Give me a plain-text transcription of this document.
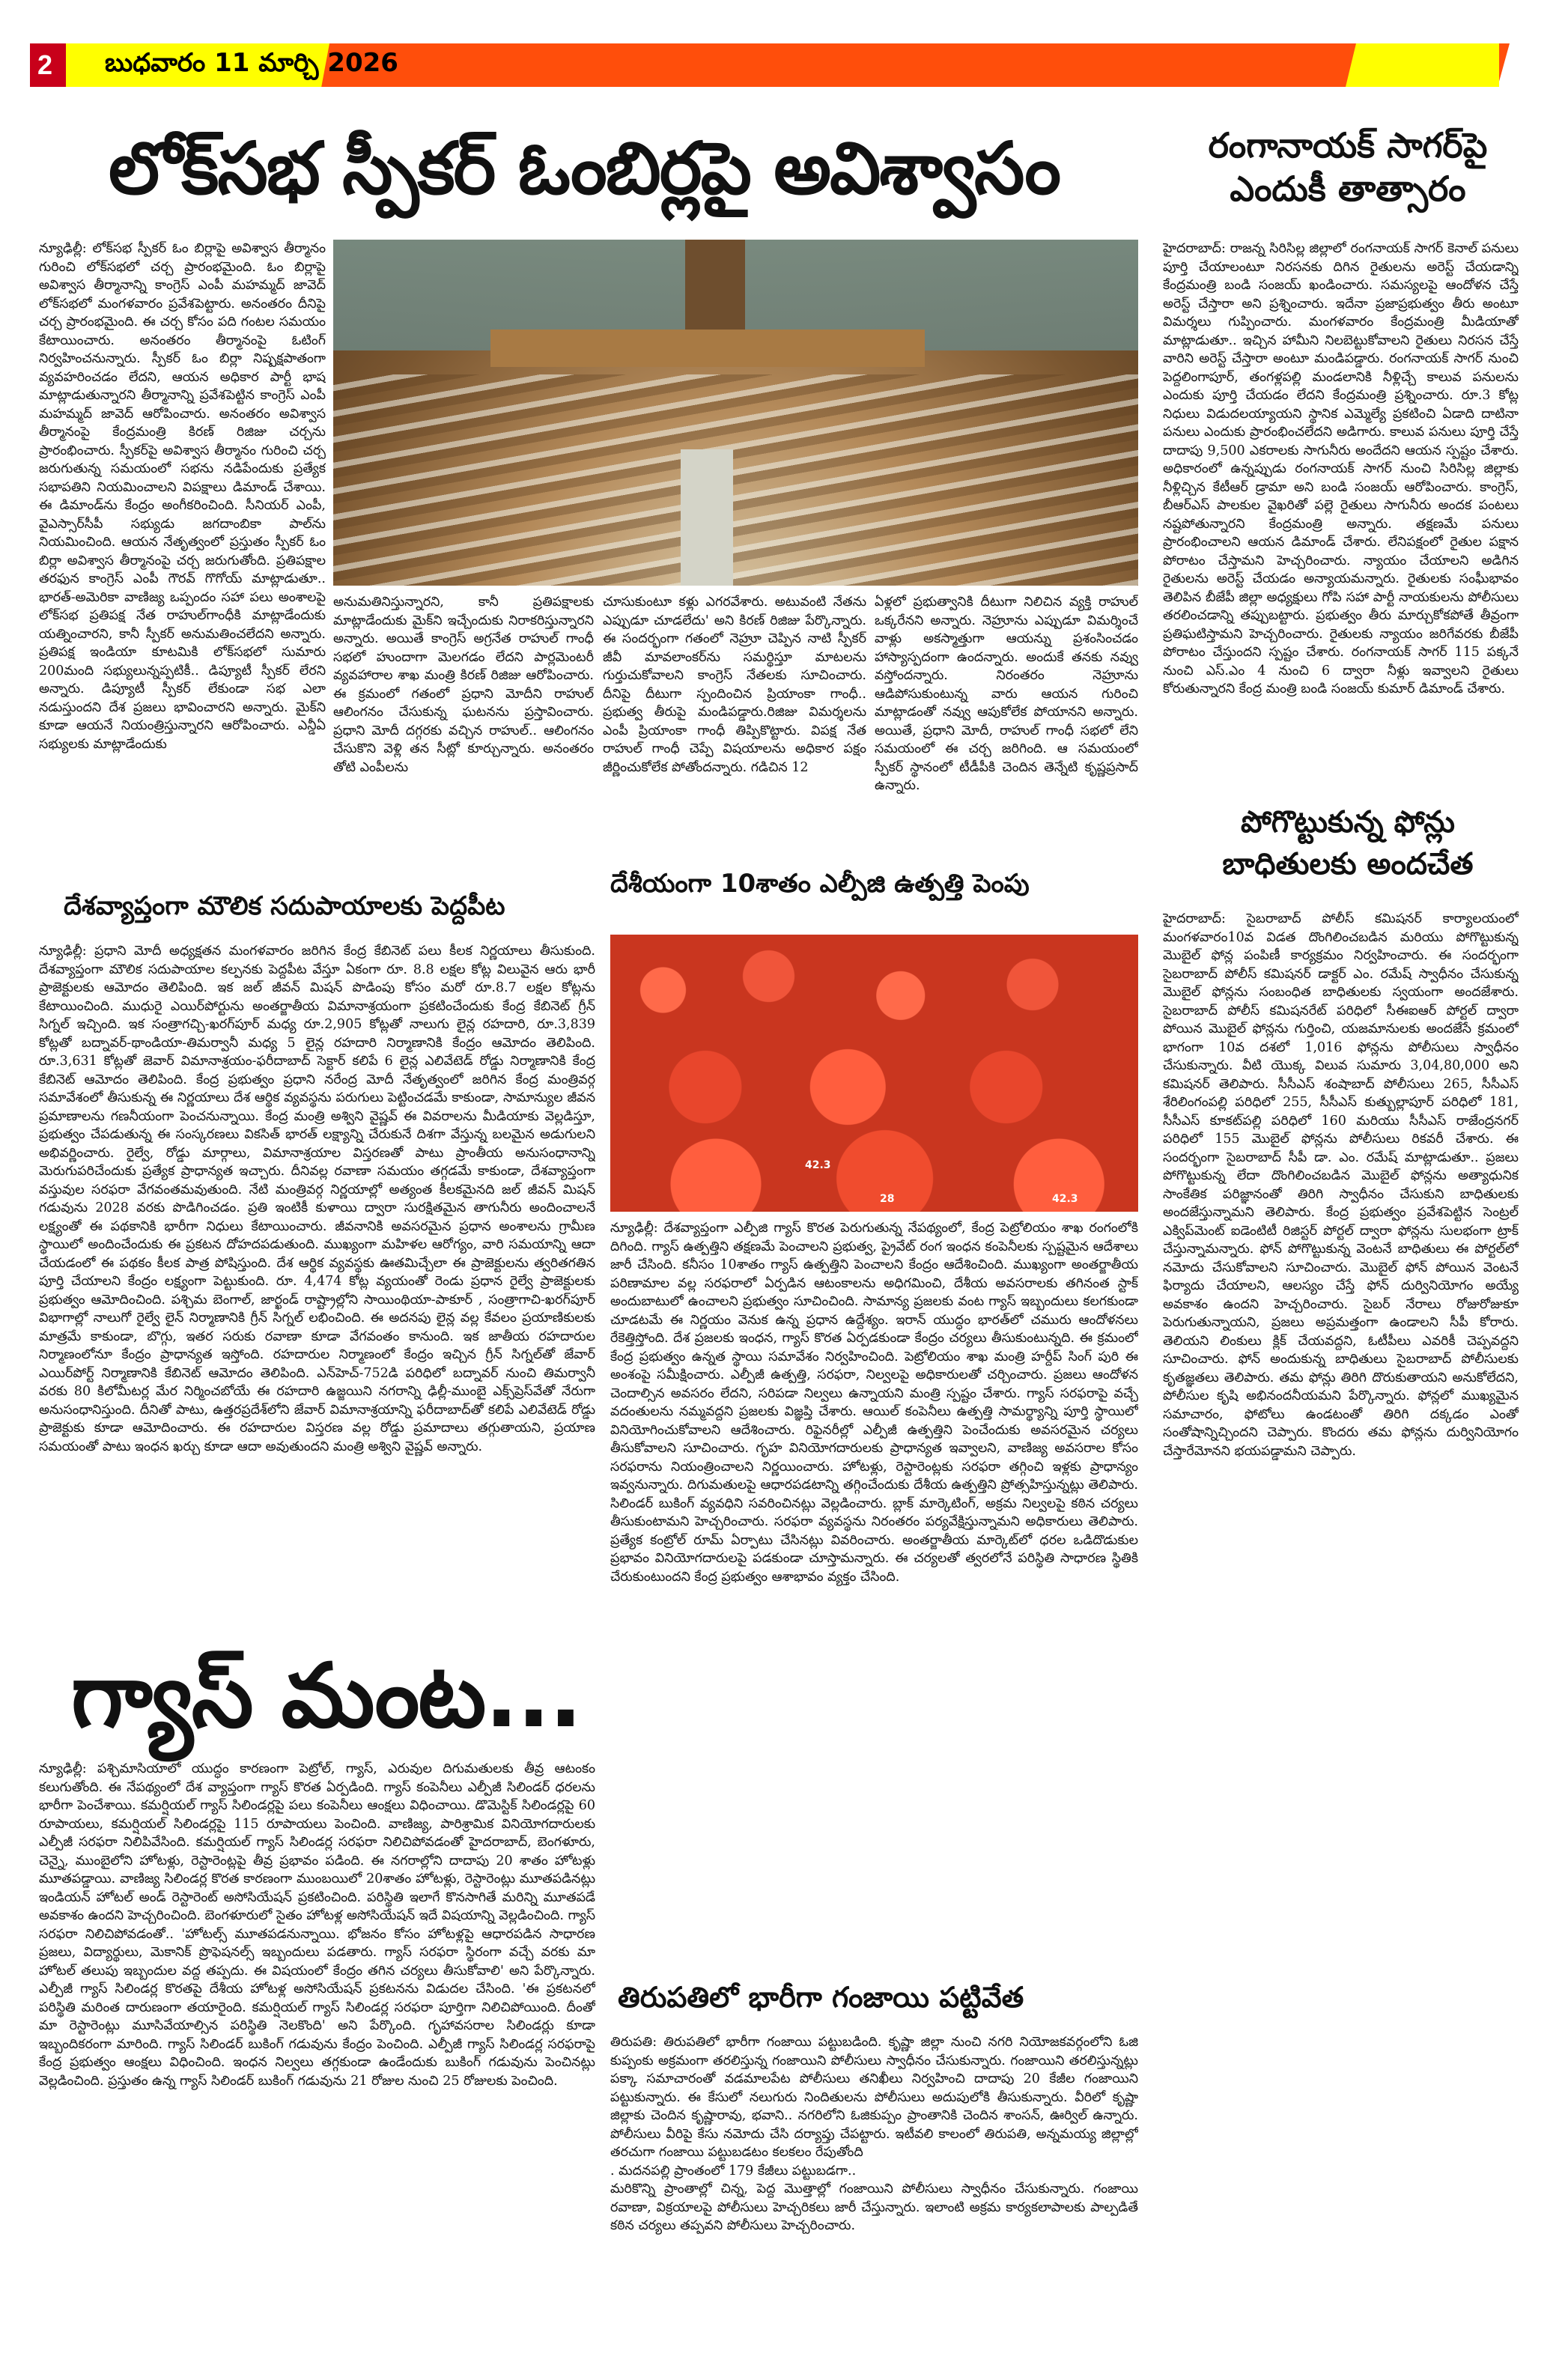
2 బుధవారం 11 మార్చి 2026
లోక్‌సభ స్పీకర్ ఓంబిర్లపై అవిశ్వాసం
న్యూఢిల్లీ: లోక్‌సభ స్పీకర్ ఓం బిర్లాపై అవిశ్వాస తీర్మానం గురించి లోక్‌సభలో చర్చ ప్రారంభమైంది. ఓం బిర్లాపై అవిశ్వాస తీర్మానాన్ని కాంగ్రెస్ ఎంపీ మహమ్మద్ జావెద్ లోక్‌సభలో మంగళవారం ప్రవేశపెట్టారు. అనంతరం దీనిపై చర్చ ప్రారంభమైంది. ఈ చర్చ కోసం పది గంటల సమయం కేటాయించారు. అనంతరం తీర్మానంపై ఓటింగ్ నిర్వహించనున్నారు. స్పీకర్ ఓం బిర్లా నిష్పక్షపాతంగా వ్యవహరించడం లేదని, ఆయన అధికార పార్టీ భాష మాట్లాడుతున్నారని తీర్మానాన్ని ప్రవేశపెట్టిన కాంగ్రెస్ ఎంపీ మహమ్మద్ జావెద్ ఆరోపించారు. అనంతరం అవిశ్వాస తీర్మానంపై కేంద్రమంత్రి కిరణ్ రిజిజు చర్చను ప్రారంభించారు. స్పీకర్‌పై అవిశ్వాస తీర్మానం గురించి చర్చ జరుగుతున్న సమయంలో సభను నడిపేందుకు ప్రత్యేక సభాపతిని నియమించాలని విపక్షాలు డిమాండ్ చేశాయి. ఈ డిమాండ్‌ను కేంద్రం అంగీకరించింది. సీనియర్ ఎంపీ, వైఎస్సార్‌సీపీ సభ్యుడు జగదాంబికా పాల్‌ను నియమించింది. ఆయన నేతృత్వంలో ప్రస్తుతం స్పీకర్ ఓం బిర్లా అవిశ్వాస తీర్మానంపై చర్చ జరుగుతోంది. ప్రతిపక్షాల తరఫున కాంగ్రెస్ ఎంపీ గౌరవ్ గొగోయ్ మాట్లాడుతూ.. భారత్-అమెరికా వాణిజ్య ఒప్పందం సహా పలు అంశాలపై లోక్‌సభ ప్రతిపక్ష నేత రాహుల్‌గాంధీకి మాట్లాడేందుకు యత్నించారని, కానీ స్పీకర్ అనుమతించలేదని అన్నారు. ప్రతిపక్ష ఇండియా కూటమికి లోక్‌సభలో సుమారు 200మంది సభ్యులున్నప్పటికీ.. డిప్యూటీ స్పీకర్ లేరని అన్నారు. డిప్యూటీ స్పీకర్ లేకుండా సభ ఎలా నడుస్తుందని దేశ ప్రజలు భావించారని అన్నారు. మైక్‌ని కూడా ఆయనే నియంత్రిస్తున్నారని ఆరోపించారు. ఎన్డీఏ సభ్యులకు మాట్లాడేందుకు
అనుమతినిస్తున్నారని, కానీ ప్రతిపక్షాలకు మాట్లాడేందుకు మైక్‌ని ఇచ్చేందుకు నిరాకరిస్తున్నారని అన్నారు. అయితే కాంగ్రెస్ అగ్రనేత రాహుల్ గాంధీ సభలో హుందాగా మెలగడం లేదని పార్లమెంటరీ వ్యవహారాల శాఖ మంత్రి కిరణ్ రిజిజు ఆరోపించారు. ఈ క్రమంలో గతంలో ప్రధాని మోదీని రాహుల్ ఆలింగనం చేసుకున్న ఘటనను ప్రస్తావించారు. ప్రధాని మోదీ దగ్గరకు వచ్చిన రాహుల్.. ఆలింగనం చేసుకొని వెళ్లి తన సీట్లో కూర్చున్నారు. అనంతరం తోటి ఎంపీలను
చూసుకుంటూ కళ్లు ఎగరవేశారు. అటువంటి నేతను ఎప్పుడూ చూడలేదు' అని కిరణ్ రిజిజు పేర్కొన్నారు. ఈ సందర్భంగా గతంలో నెహ్రూ చెప్పిన నాటి స్పీకర్ జీవీ మావలాంకర్‌ను సమర్థిస్తూ మాటలను గుర్తుచుకోవాలని కాంగ్రెస్ నేతలకు సూచించారు. దీనిపై దీటుగా స్పందించిన ప్రియాంకా గాంధీ.. ప్రభుత్వ తీరుపై మండిపడ్డారు.రిజిజు విమర్శలను ఎంపీ ప్రియాంకా గాంధీ తిప్పికొట్టారు. విపక్ష నేత రాహుల్ గాంధీ చెప్పే విషయాలను అధికార పక్షం జీర్ణించుకోలేక పోతోందన్నారు. గడిచిన 12
ఏళ్లలో ప్రభుత్వానికి దీటుగా నిలిచిన వ్యక్తి రాహుల్ ఒక్కరేనని అన్నారు. నెహ్రూను ఎప్పుడూ విమర్శించే వాళ్లు అకస్మాత్తుగా ఆయన్ను ప్రశంసించడం హాస్యాస్పదంగా ఉందన్నారు. అందుకే తనకు నవ్వు వస్తోందన్నారు. నిరంతరం నెహ్రూను ఆడిపోసుకుంటున్న వారు ఆయన గురించి మాట్లాడంతో నవ్వు ఆపుకోలేక పోయానని అన్నారు. అయితే, ప్రధాని మోదీ, రాహుల్ గాంధీ సభలో లేని సమయంలో ఈ చర్చ జరిగింది. ఆ సమయంలో స్పీకర్ స్థానంలో టీడీపీకి చెందిన తెన్నేటి కృష్ణప్రసాద్ ఉన్నారు.
రంగానాయక్ సాగర్‌పై
ఎందుకీ తాత్సారం
హైదరాబాద్: రాజన్న సిరిసిల్ల జిల్లాలో రంగనాయక్ సాగర్ కెనాల్ పనులు పూర్తి చేయాలంటూ నిరసనకు దిగిన రైతులను అరెస్ట్ చేయడాన్ని కేంద్రమంత్రి బండి సంజయ్ ఖండించారు. సమస్యలపై ఆందోళన చేస్తే అరెస్ట్ చేస్తారా అని ప్రశ్నించారు. ఇదేనా ప్రజాప్రభుత్వం తీరు అంటూ విమర్శలు గుప్పించారు. మంగళవారం కేంద్రమంత్రి మీడియాతో మాట్లాడుతూ.. ఇచ్చిన హామీని నిలబెట్టుకోవాలని రైతులు నిరసన చేస్తే వారిని అరెస్ట్ చేస్తారా అంటూ మండిపడ్డారు. రంగనాయక్ సాగర్ నుంచి పెద్దలింగాపూర్, తంగళ్లపల్లి మండలానికి నీళ్లిచ్చే కాలువ పనులను ఎందుకు పూర్తి చేయడం లేదని కేంద్రమంత్రి ప్రశ్నించారు. రూ.3 కోట్ల నిధులు విడుదలయ్యాయని స్థానిక ఎమ్మెల్యే ప్రకటించి ఏడాది దాటినా పనులు ఎందుకు ప్రారంభించలేదని అడిగారు. కాలువ పనులు పూర్తి చేస్తే దాదాపు 9,500 ఎకరాలకు సాగునీరు అందేదని ఆయన స్పష్టం చేశారు. అధికారంలో ఉన్నప్పుడు రంగనాయక్ సాగర్ నుంచి సిరిసిల్ల జిల్లాకు నీళ్లిచ్చిన కేటీఆర్ డ్రామా అని బండి సంజయ్ ఆరోపించారు. కాంగ్రెస్, బీఆర్ఎస్ పాలకుల వైఖరితో పల్లె రైతులు సాగునీరు అందక పంటలు నష్టపోతున్నారని కేంద్రమంత్రి అన్నారు. తక్షణమే పనులు ప్రారంభించాలని ఆయన డిమాండ్ చేశారు. లేనిపక్షంలో రైతుల పక్షాన పోరాటం చేస్తామని హెచ్చరించారు. న్యాయం చేయాలని అడిగిన రైతులను అరెస్ట్ చేయడం అన్యాయమన్నారు. రైతులకు సంఘీభావం తెలిపిన బీజేపీ జిల్లా అధ్యక్షులు గోపి సహా పార్టీ నాయకులను పోలీసులు తరలించడాన్ని తప్పుబట్టారు. ప్రభుత్వం తీరు మార్చుకోకపోతే తీవ్రంగా ప్రతిఘటిస్తామని హెచ్చరించారు. రైతులకు న్యాయం జరిగేవరకు బీజేపీ పోరాటం చేస్తుందని స్పష్టం చేశారు. రంగనాయక్ సాగర్ 115 పక్కనే నుంచి ఎస్.ఎం 4 నుంచి 6 ద్వారా నీళ్లు ఇవ్వాలని రైతులు కోరుతున్నారని కేంద్ర మంత్రి బండి సంజయ్ కుమార్ డిమాండ్ చేశారు.
దేశవ్యాప్తంగా మౌలిక సదుపాయాలకు పెద్దపీట
న్యూఢిల్లీ: ప్రధాని మోదీ అధ్యక్షతన మంగళవారం జరిగిన కేంద్ర కేబినెట్ పలు కీలక నిర్ణయాలు తీసుకుంది. దేశవ్యాప్తంగా మౌలిక సదుపాయాల కల్పనకు పెద్దపీట వేస్తూ ఏకంగా రూ. 8.8 లక్షల కోట్ల విలువైన ఆరు భారీ ప్రాజెక్టులకు ఆమోదం తెలిపింది. ఇక జల్ జీవన్ మిషన్ పొడింపు కోసం మరో రూ.8.7 లక్షల కోట్లను కేటాయించింది. ముధురై ఎయిర్‌పోర్టును అంతర్జాతీయ విమానాశ్రయంగా ప్రకటించేందుకు కేంద్ర కేబినెట్ గ్రీన్ సిగ్నల్ ఇచ్చింది. ఇక సంత్రాగచ్చి-ఖరగ్‌పూర్ మధ్య రూ.2,905 కోట్లతో నాలుగు లైన్ల రహదారి, రూ.3,839 కోట్లతో బద్నావర్-థాండియా-తిమర్వానీ మధ్య 5 లైన్ల రహదారి నిర్మాణానికి కేంద్రం ఆమోదం తెలిపింది. రూ.3,631 కోట్లతో జెవార్ విమానాశ్రయం-ఫరీదాబాద్ సెక్టార్ కలిపే 6 లైన్ల ఎలివేటెడ్ రోడ్డు నిర్మాణానికి కేంద్ర కేబినెట్ ఆమోదం తెలిపింది. కేంద్ర ప్రభుత్వం ప్రధాని నరేంద్ర మోదీ నేతృత్వంలో జరిగిన కేంద్ర మంత్రివర్గ సమావేశంలో తీసుకున్న ఈ నిర్ణయాలు దేశ ఆర్థిక వ్యవస్థను పరుగులు పెట్టించడమే కాకుండా, సామాన్యుల జీవన ప్రమాణాలను గణనీయంగా పెంచనున్నాయి. కేంద్ర మంత్రి అశ్విని వైష్ణవ్ ఈ వివరాలను మీడియాకు వెల్లడిస్తూ, ప్రభుత్వం చేపడుతున్న ఈ సంస్కరణలు వికసిత్ భారత్ లక్ష్యాన్ని చేరుకునే దిశగా వేస్తున్న బలమైన అడుగులని అభివర్ణించారు. రైల్వే, రోడ్డు మార్గాలు, విమానాశ్రయాల విస్తరణతో పాటు ప్రాంతీయ అనుసంధానాన్ని మెరుగుపరిచేందుకు ప్రత్యేక ప్రాధాన్యత ఇచ్చారు. దీనివల్ల రవాణా సమయం తగ్గడమే కాకుండా, దేశవ్యాప్తంగా వస్తువుల సరఫరా వేగవంతమవుతుంది. నేటి మంత్రివర్గ నిర్ణయాల్లో అత్యంత కీలకమైనది జల్ జీవన్ మిషన్ గడువును 2028 వరకు పొడిగించడం. ప్రతి ఇంటికీ కుళాయి ద్వారా సురక్షితమైన తాగునీరు అందించాలనే లక్ష్యంతో ఈ పథకానికి భారీగా నిధులు కేటాయించారు. జీవనానికి అవసరమైన ప్రధాన అంశాలను గ్రామీణ స్థాయిలో అందించేందుకు ఈ ప్రకటన దోహదపడుతుంది. ముఖ్యంగా మహిళల ఆరోగ్యం, వారి సమయాన్ని ఆదా చేయడంలో ఈ పథకం కీలక పాత్ర పోషిస్తుంది. దేశ ఆర్థిక వ్యవస్థకు ఊతమిచ్చేలా ఈ ప్రాజెక్టులను త్వరితగతిన పూర్తి చేయాలని కేంద్రం లక్ష్యంగా పెట్టుకుంది. రూ. 4,474 కోట్ల వ్యయంతో రెండు ప్రధాన రైల్వే ప్రాజెక్టులకు ప్రభుత్వం ఆమోదించింది. పశ్చిమ బెంగాల్, జార్ఖండ్ రాష్ట్రాల్లోని సాయింథియా-పాకూర్ , సంత్రాగాచి-ఖరగ్‌పూర్ విభాగాల్లో నాలుగో రైల్వే లైన్ నిర్మాణానికి గ్రీన్ సిగ్నల్ లభించింది. ఈ అదనపు లైన్ల వల్ల కేవలం ప్రయాణికులకు మాత్రమే కాకుండా, బొగ్గు, ఇతర సరుకు రవాణా కూడా వేగవంతం కానుంది. ఇక జాతీయ రహదారుల నిర్మాణంలోనూ కేంద్రం ప్రాధాన్యత ఇస్తోంది. రహదారుల నిర్మాణంలో కేంద్రం ఇచ్చిన గ్రీన్ సిగ్నల్‌తో జేవార్ ఎయిర్‌పోర్ట్ నిర్మాణానికి కేబినెట్ ఆమోదం తెలిపింది. ఎన్‌హెచ్-752డి పరిధిలో బద్నావర్ నుంచి తిమర్వానీ వరకు 80 కిలోమీటర్ల మేర నిర్మించబోయే ఈ రహదారి ఉజ్జయిని నగరాన్ని ఢిల్లీ-ముంబై ఎక్స్‌ప్రెస్‌వేతో నేరుగా అనుసంధానిస్తుంది. దీనితో పాటు, ఉత్తరప్రదేశ్‌లోని జేవార్ విమానాశ్రయాన్ని ఫరీదాబాద్‌తో కలిపే ఎలివేటెడ్ రోడ్డు ప్రాజెక్టుకు కూడా ఆమోదించారు. ఈ రహదారుల విస్తరణ వల్ల రోడ్డు ప్రమాదాలు తగ్గుతాయని, ప్రయాణ సమయంతో పాటు ఇంధన ఖర్చు కూడా ఆదా అవుతుందని మంత్రి అశ్విని వైష్ణవ్ అన్నారు.
దేశీయంగా 10శాతం ఎల్పీజి ఉత్పత్తి పెంపు
42.3
42.3
28
న్యూఢిల్లీ: దేశవ్యాప్తంగా ఎల్పీజి గ్యాస్ కొరత పెరుగుతున్న నేపథ్యంలో, కేంద్ర పెట్రోలియం శాఖ రంగంలోకి దిగింది. గ్యాస్ ఉత్పత్తిని తక్షణమే పెంచాలని ప్రభుత్వ, ప్రైవేట్ రంగ ఇంధన కంపెనీలకు స్పష్టమైన ఆదేశాలు జారీ చేసింది. కనీసం 10శాతం గ్యాస్ ఉత్పత్తిని పెంచాలని కేంద్రం ఆదేశించింది. ముఖ్యంగా అంతర్జాతీయ పరిణామాల వల్ల సరఫరాలో ఏర్పడిన ఆటంకాలను అధిగమించి, దేశీయ అవసరాలకు తగినంత స్టాక్ అందుబాటులో ఉంచాలని ప్రభుత్వం సూచించింది. సామాన్య ప్రజలకు వంట గ్యాస్ ఇబ్బందులు కలగకుండా చూడటమే ఈ నిర్ణయం వెనుక ఉన్న ప్రధాన ఉద్దేశ్యం. ఇరాన్ యుద్ధం భారత్‌లో చమురు ఆందోళనలు రేకెత్తిస్తోంది. దేశ ప్రజలకు ఇంధన, గ్యాస్ కొరత ఏర్పడకుండా కేంద్రం చర్యలు తీసుకుంటున్నది. ఈ క్రమంలో కేంద్ర ప్రభుత్వం ఉన్నత స్థాయి సమావేశం నిర్వహించింది. పెట్రోలియం శాఖ మంత్రి హర్దీప్ సింగ్ పురి ఈ అంశంపై సమీక్షించారు. ఎల్పీజీ ఉత్పత్తి, సరఫరా, నిల్వలపై అధికారులతో చర్చించారు. ప్రజలు ఆందోళన చెందాల్సిన అవసరం లేదని, సరిపడా నిల్వలు ఉన్నాయని మంత్రి స్పష్టం చేశారు. గ్యాస్ సరఫరాపై వచ్చే వదంతులను నమ్మవద్దని ప్రజలకు విజ్ఞప్తి చేశారు. ఆయిల్ కంపెనీలు ఉత్పత్తి సామర్థ్యాన్ని పూర్తి స్థాయిలో వినియోగించుకోవాలని ఆదేశించారు. రిఫైనరీల్లో ఎల్పీజీ ఉత్పత్తిని పెంచేందుకు అవసరమైన చర్యలు తీసుకోవాలని సూచించారు. గృహ వినియోగదారులకు ప్రాధాన్యత ఇవ్వాలని, వాణిజ్య అవసరాల కోసం సరఫరాను నియంత్రించాలని నిర్ణయించారు. హోటళ్లు, రెస్టారెంట్లకు సరఫరా తగ్గించి ఇళ్లకు ప్రాధాన్యం ఇవ్వనున్నారు. దిగుమతులపై ఆధారపడటాన్ని తగ్గించేందుకు దేశీయ ఉత్పత్తిని ప్రోత్సహిస్తున్నట్లు తెలిపారు. సిలిండర్ బుకింగ్ వ్యవధిని సవరించినట్లు వెల్లడించారు. బ్లాక్ మార్కెటింగ్, అక్రమ నిల్వలపై కఠిన చర్యలు తీసుకుంటామని హెచ్చరించారు. సరఫరా వ్యవస్థను నిరంతరం పర్యవేక్షిస్తున్నామని అధికారులు తెలిపారు. ప్రత్యేక కంట్రోల్ రూమ్ ఏర్పాటు చేసినట్లు వివరించారు. అంతర్జాతీయ మార్కెట్‌లో ధరల ఒడిదొడుకుల ప్రభావం వినియోగదారులపై పడకుండా చూస్తామన్నారు. ఈ చర్యలతో త్వరలోనే పరిస్థితి సాధారణ స్థితికి చేరుకుంటుందని కేంద్ర ప్రభుత్వం ఆశాభావం వ్యక్తం చేసింది.
గ్యాస్ మంట...
న్యూఢిల్లీ: పశ్చిమాసియాలో యుద్ధం కారణంగా పెట్రోల్, గ్యాస్, ఎరువుల దిగుమతులకు తీవ్ర ఆటంకం కలుగుతోంది. ఈ నేపథ్యంలో దేశ వ్యాప్తంగా గ్యాస్ కొరత ఏర్పడింది. గ్యాస్ కంపెనీలు ఎల్పీజీ సిలిండర్ ధరలను భారీగా పెంచేశాయి. కమర్షియల్ గ్యాస్ సిలిండర్లపై పలు కంపెనీలు ఆంక్షలు విధించాయి. డొమెస్టిక్ సిలిండర్లపై 60 రూపాయలు, కమర్షియల్ సిలిండర్లపై 115 రూపాయలు పెంచింది. వాణిజ్య, పారిశ్రామిక వినియోగదారులకు ఎల్పీజీ సరఫరా నిలిపివేసింది. కమర్షియల్ గ్యాస్ సిలిండర్ల సరఫరా నిలిచిపోవడంతో హైదరాబాద్, బెంగళూరు, చెన్నై, ముంబైలోని హోటళ్లు, రెస్టారెంట్లపై తీవ్ర ప్రభావం పడింది. ఈ నగరాల్లోని దాదాపు 20 శాతం హోటళ్లు మూతపడ్డాయి. వాణిజ్య సిలిండర్ల కొరత కారణంగా ముంబయిలో 20శాతం హోటళ్లు, రెస్టారెంట్లు మూతపడినట్లు ఇండియన్ హోటల్ అండ్ రెస్టారెంట్ అసోసియేషన్ ప్రకటించింది. పరిస్థితి ఇలాగే కొనసాగితే మరిన్ని మూతపడే అవకాశం ఉందని హెచ్చరించింది. బెంగళూరులో సైతం హోటళ్ల అసోసియేషన్ ఇదే విషయాన్ని వెల్లడించింది. గ్యాస్ సరఫరా నిలిచిపోవడంతో.. 'హోటల్స్ మూతపడనున్నాయి. భోజనం కోసం హోటళ్లపై ఆధారపడిన సాధారణ ప్రజలు, విద్యార్థులు, మెకానిక్ ప్రొఫెషనల్స్ ఇబ్బందులు పడతారు. గ్యాస్ సరఫరా స్థిరంగా వచ్చే వరకు మా హోటల్ తలుపు ఇబ్బందుల వద్ద తప్పదు. ఈ విషయంలో కేంద్రం తగిన చర్యలు తీసుకోవాలి' అని పేర్కొన్నారు. ఎల్పీజీ గ్యాస్ సిలిండర్ల కొరతపై దేశీయ హోటళ్ల అసోసియేషన్ ప్రకటనను విడుదల చేసింది. 'ఈ ప్రకటనలో పరిస్థితి మరింత దారుణంగా తయారైంది. కమర్షియల్ గ్యాస్ సిలిండర్ల సరఫరా పూర్తిగా నిలిచిపోయింది. దీంతో మా రెస్టారెంట్లు మూసివేయాల్సిన పరిస్థితి నెలకొంది' అని పేర్కొంది. గృహావసరాల సిలిండర్లు కూడా ఇబ్బందికరంగా మారింది. గ్యాస్ సిలిండర్ బుకింగ్ గడువును కేంద్రం పెంచింది. ఎల్పీజీ గ్యాస్ సిలిండర్ల సరఫరాపై కేంద్ర ప్రభుత్వం ఆంక్షలు విధించింది. ఇంధన నిల్వలు తగ్గకుండా ఉండేందుకు బుకింగ్ గడువును పెంచినట్లు వెల్లడించింది. ప్రస్తుతం ఉన్న గ్యాస్ సిలిండర్ బుకింగ్ గడువును 21 రోజుల నుంచి 25 రోజులకు పెంచింది.
పోగొట్టుకున్న ఫోన్లు
బాధితులకు అందచేత
హైదరాబాద్: సైబరాబాద్ పోలీస్ కమిషనర్ కార్యాలయంలో మంగళవారం10వ విడత దొంగిలించబడిన మరియు పోగొట్టుకున్న మొబైల్ ఫోన్ల పంపిణీ కార్యక్రమం నిర్వహించారు. ఈ సందర్భంగా సైబరాబాద్ పోలీస్ కమిషనర్ డాక్టర్ ఎం. రమేష్ స్వాధీనం చేసుకున్న మొబైల్ ఫోన్లను సంబంధిత బాధితులకు స్వయంగా అందజేశారు. సైబరాబాద్ పోలీస్ కమిషనరేట్ పరిధిలో సీఈఐఆర్ పోర్టల్ ద్వారా పోయిన మొబైల్ ఫోన్లను గుర్తించి, యజమానులకు అందజేసే క్రమంలో భాగంగా 10వ దశలో 1,016 ఫోన్లను పోలీసులు స్వాధీనం చేసుకున్నారు. వీటి యొక్క విలువ సుమారు 3,04,80,000 అని కమిషనర్ తెలిపారు. సీసీఎస్ శంషాబాద్ పోలీసులు 265, సీసీఎస్ శేరిలింగంపల్లి పరిధిలో 255, సీసీఎస్ కుత్బుల్లాపూర్ పరిధిలో 181, సీసీఎస్ కూకట్‌పల్లి పరిధిలో 160 మరియు సీసీఎస్ రాజేంద్రనగర్ పరిధిలో 155 మొబైల్ ఫోన్లను పోలీసులు రికవరీ చేశారు. ఈ సందర్భంగా సైబరాబాద్ సీపీ డా. ఎం. రమేష్ మాట్లాడుతూ.. ప్రజలు పోగొట్టుకున్న లేదా దొంగిలించబడిన మొబైల్ ఫోన్లను అత్యాధునిక సాంకేతిక పరిజ్ఞానంతో తిరిగి స్వాధీనం చేసుకుని బాధితులకు అందజేస్తున్నామని తెలిపారు. కేంద్ర ప్రభుత్వం ప్రవేశపెట్టిన సెంట్రల్ ఎక్విప్‌మెంట్ ఐడెంటిటీ రిజిస్టర్ పోర్టల్ ద్వారా ఫోన్లను సులభంగా ట్రాక్ చేస్తున్నామన్నారు. ఫోన్ పోగొట్టుకున్న వెంటనే బాధితులు ఈ పోర్టల్‌లో నమోదు చేసుకోవాలని సూచించారు. మొబైల్ ఫోన్ పోయిన వెంటనే ఫిర్యాదు చేయాలని, ఆలస్యం చేస్తే ఫోన్ దుర్వినియోగం అయ్యే అవకాశం ఉందని హెచ్చరించారు. సైబర్ నేరాలు రోజురోజుకూ పెరుగుతున్నాయని, ప్రజలు అప్రమత్తంగా ఉండాలని సీపీ కోరారు. తెలియని లింకులు క్లిక్ చేయవద్దని, ఓటీపీలు ఎవరికీ చెప్పవద్దని సూచించారు. ఫోన్ అందుకున్న బాధితులు సైబరాబాద్ పోలీసులకు కృతజ్ఞతలు తెలిపారు. తమ ఫోన్లు తిరిగి దొరుకుతాయని అనుకోలేదని, పోలీసుల కృషి అభినందనీయమని పేర్కొన్నారు. ఫోన్లలో ముఖ్యమైన సమాచారం, ఫోటోలు ఉండటంతో తిరిగి దక్కడం ఎంతో సంతోషాన్నిచ్చిందని చెప్పారు. కొందరు తమ ఫోన్లను దుర్వినియోగం చేస్తారేమోనని భయపడ్డామని చెప్పారు.
తిరుపతిలో భారీగా గంజాయి పట్టివేత
తిరుపతి: తిరుపతిలో భారీగా గంజాయి పట్టుబడింది. కృష్ణా జిల్లా నుంచి నగరి నియోజకవర్గంలోని ఓజి కుప్పంకు అక్రమంగా తరలిస్తున్న గంజాయిని పోలీసులు స్వాధీనం చేసుకున్నారు. గంజాయిని తరలిస్తున్నట్లు పక్కా సమాచారంతో వడమాలపేట పోలీసులు తనిఖీలు నిర్వహించి దాదాపు 20 కేజీల గంజాయిని పట్టుకున్నారు. ఈ కేసులో నలుగురు నిందితులను పోలీసులు అదుపులోకి తీసుకున్నారు. వీరిలో కృష్ణా జిల్లాకు చెందిన కృష్ణారావు, భవాని.. నగరిలోని ఓజికుప్పం ప్రాంతానికి చెందిన శాంసన్, ఊర్విల్ ఉన్నారు. పోలీసులు వీరిపై కేసు నమోదు చేసి దర్యాప్తు చేపట్టారు. ఇటీవలి కాలంలో తిరుపతి, అన్నమయ్య జిల్లాల్లో తరచుగా గంజాయి పట్టుబడటం కలకలం రేపుతోంది
. మదనపల్లి ప్రాంతంలో 179 కేజీలు పట్టుబడగా..
మరికొన్ని ప్రాంతాల్లో చిన్న, పెద్ద మొత్తాల్లో గంజాయిని పోలీసులు స్వాధీనం చేసుకున్నారు. గంజాయి రవాణా, విక్రయాలపై పోలీసులు హెచ్చరికలు జారీ చేస్తున్నారు. ఇలాంటి అక్రమ కార్యకలాపాలకు పాల్పడితే కఠిన చర్యలు తప్పవని పోలీసులు హెచ్చరించారు.
